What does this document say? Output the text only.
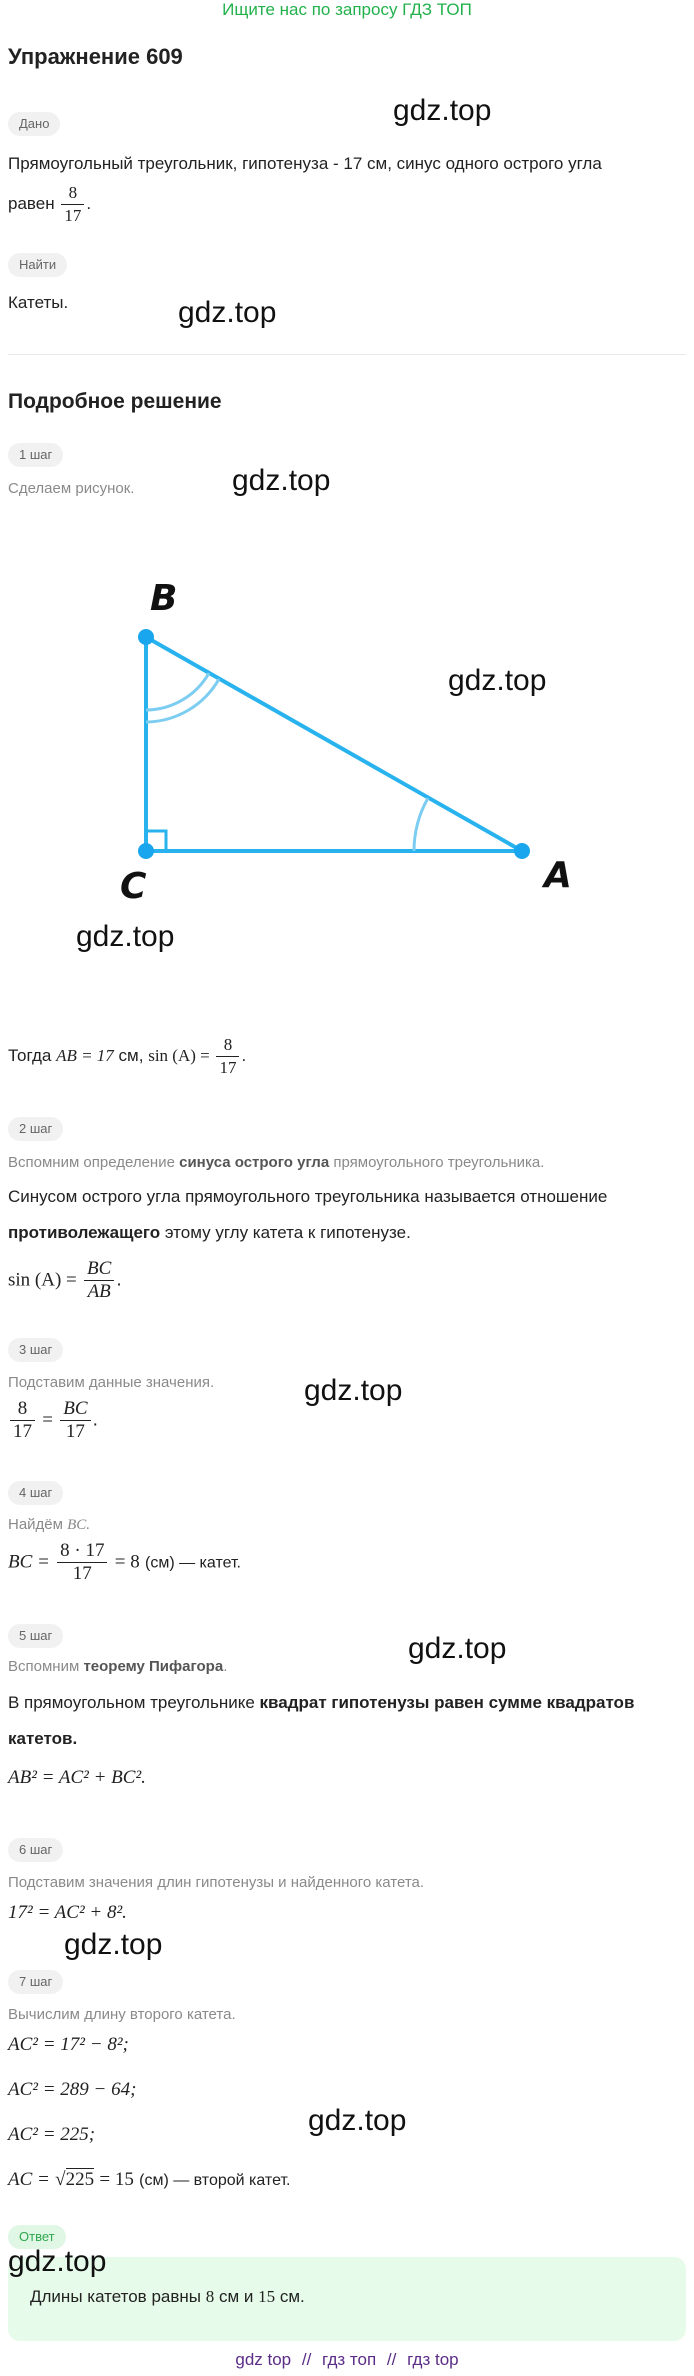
Ищите нас по запросу ГДЗ ТОП
Упражнение 609
Дано	gdz.top
Прямоугольный треугольник, гипотенуза - 17 см, синус одного острого угла
равен $\frac{8}{17}$ .
Найти
Катеты.	gdz.top
Подробное решение
1 шаг
Сделаем рисунок.	gdz.top
B
C	A
gdz.top
gdz.top
Тогда AB = 17 см, $\sin (A) = \frac{8}{17}$ .
2 шаг
Вспомним определение синуса острого угла прямоугольного треугольника.
Синусом острого угла прямоугольного треугольника называется отношение
противолежащего этому углу катета к гипотенузе.
$\sin (A) = \frac{BC}{AB}$ .
3 шаг
Подставим данные значения.	gdz.top
$\frac{8}{17} = \frac{BC}{17}$ .
4 шаг
Найдём BC.
BC = $\frac{8 \cdot 17}{17} = 8$ (см) — катет.
5 шаг	gdz.top
Вспомним теорему Пифагора.
В прямоугольном треугольнике квадрат гипотенузы равен сумме квадратов
катетов.
AB² = AC² + BC².
6 шаг
Подставим значения длин гипотенузы и найденного катета.
17² = AC² + 8².
gdz.top
7 шаг
Вычислим длину второго катета.
AC² = 17² − 8²;
AC² = 289 − 64;
gdz.top
AC² = 225;
AC = √225 = 15 (см) — второй катет.
Ответ
gdz.top
Длины катетов равны 8 см и 15 см.
gdz top // гдз топ // гдз top
